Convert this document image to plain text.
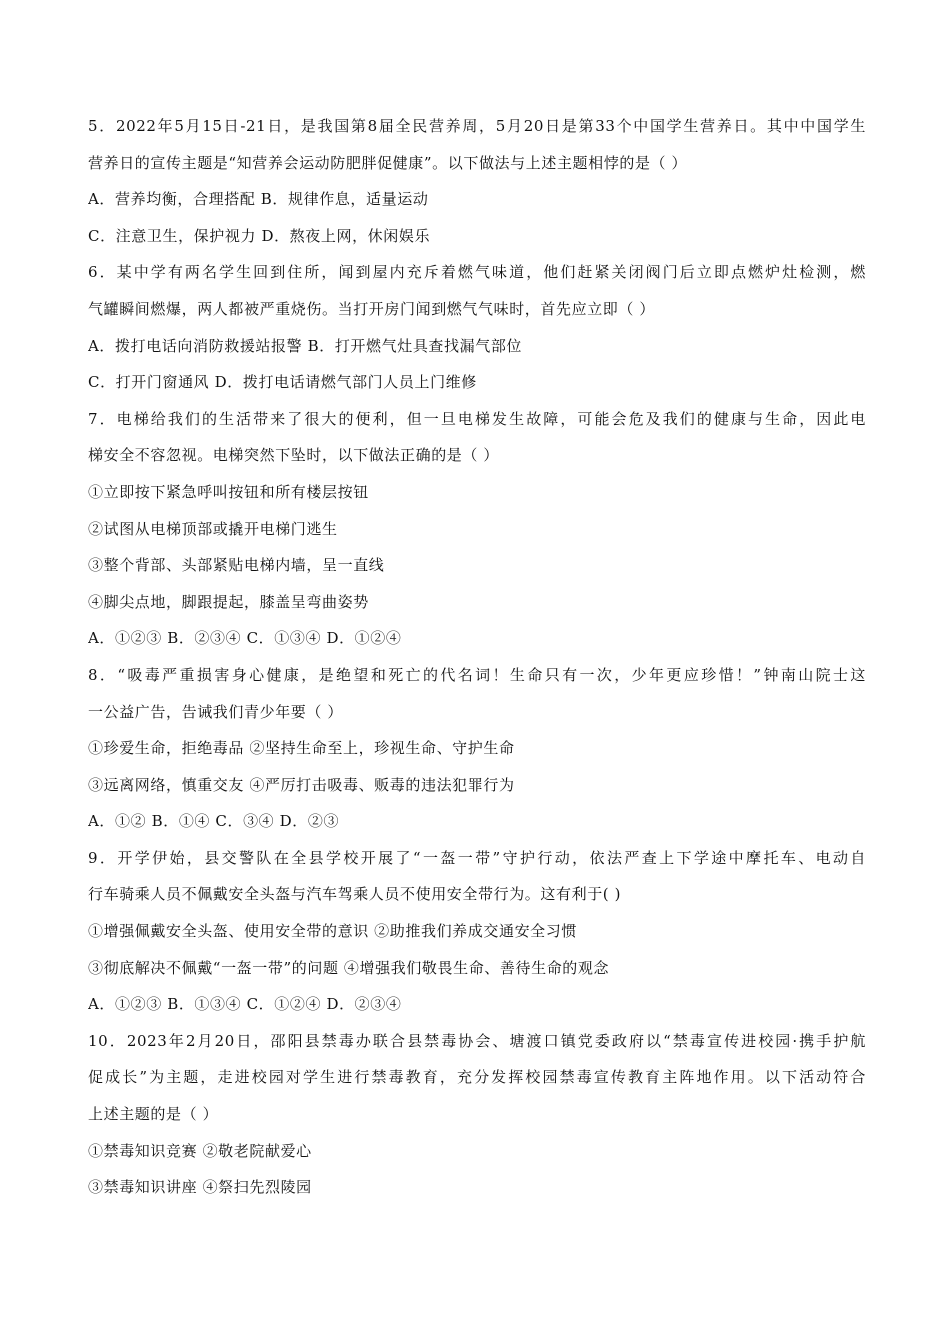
5．2022年5月15日-21日，是我国第8届全民营养周，5月20日是第33个中国学生营养日。其中中国学生
营养日的宣传主题是“知营养会运动防肥胖促健康”。以下做法与上述主题相悖的是（ ）
A．营养均衡，合理搭配 B．规律作息，适量运动
C．注意卫生，保护视力 D．熬夜上网，休闲娱乐
6．某中学有两名学生回到住所，闻到屋内充斥着燃气味道，他们赶紧关闭阀门后立即点燃炉灶检测，燃
气罐瞬间燃爆，两人都被严重烧伤。当打开房门闻到燃气气味时，首先应立即（ ）
A．拨打电话向消防救援站报警 B．打开燃气灶具查找漏气部位
C．打开门窗通风 D．拨打电话请燃气部门人员上门维修
7．电梯给我们的生活带来了很大的便利，但一旦电梯发生故障，可能会危及我们的健康与生命，因此电
梯安全不容忽视。电梯突然下坠时，以下做法正确的是（ ）
①立即按下紧急呼叫按钮和所有楼层按钮
②试图从电梯顶部或撬开电梯门逃生
③整个背部、头部紧贴电梯内墙，呈一直线
④脚尖点地，脚跟提起，膝盖呈弯曲姿势
A．①②③ B．②③④ C．①③④ D．①②④
8．“吸毒严重损害身心健康，是绝望和死亡的代名词！生命只有一次，少年更应珍惜！”钟南山院士这
一公益广告，告诫我们青少年要（ ）
①珍爱生命，拒绝毒品 ②坚持生命至上，珍视生命、守护生命
③远离网络，慎重交友 ④严厉打击吸毒、贩毒的违法犯罪行为
A．①② B．①④ C．③④ D．②③
9．开学伊始，县交警队在全县学校开展了“一盔一带”守护行动，依法严查上下学途中摩托车、电动自
行车骑乘人员不佩戴安全头盔与汽车驾乘人员不使用安全带行为。这有利于( )
①增强佩戴安全头盔、使用安全带的意识 ②助推我们养成交通安全习惯
③彻底解决不佩戴“一盔一带”的问题 ④增强我们敬畏生命、善待生命的观念
A．①②③ B．①③④ C．①②④ D．②③④
10．2023年2月20日，邵阳县禁毒办联合县禁毒协会、塘渡口镇党委政府以“禁毒宣传进校园·携手护航
促成长”为主题，走进校园对学生进行禁毒教育，充分发挥校园禁毒宣传教育主阵地作用。以下活动符合
上述主题的是（ ）
①禁毒知识竞赛 ②敬老院献爱心
③禁毒知识讲座 ④祭扫先烈陵园
